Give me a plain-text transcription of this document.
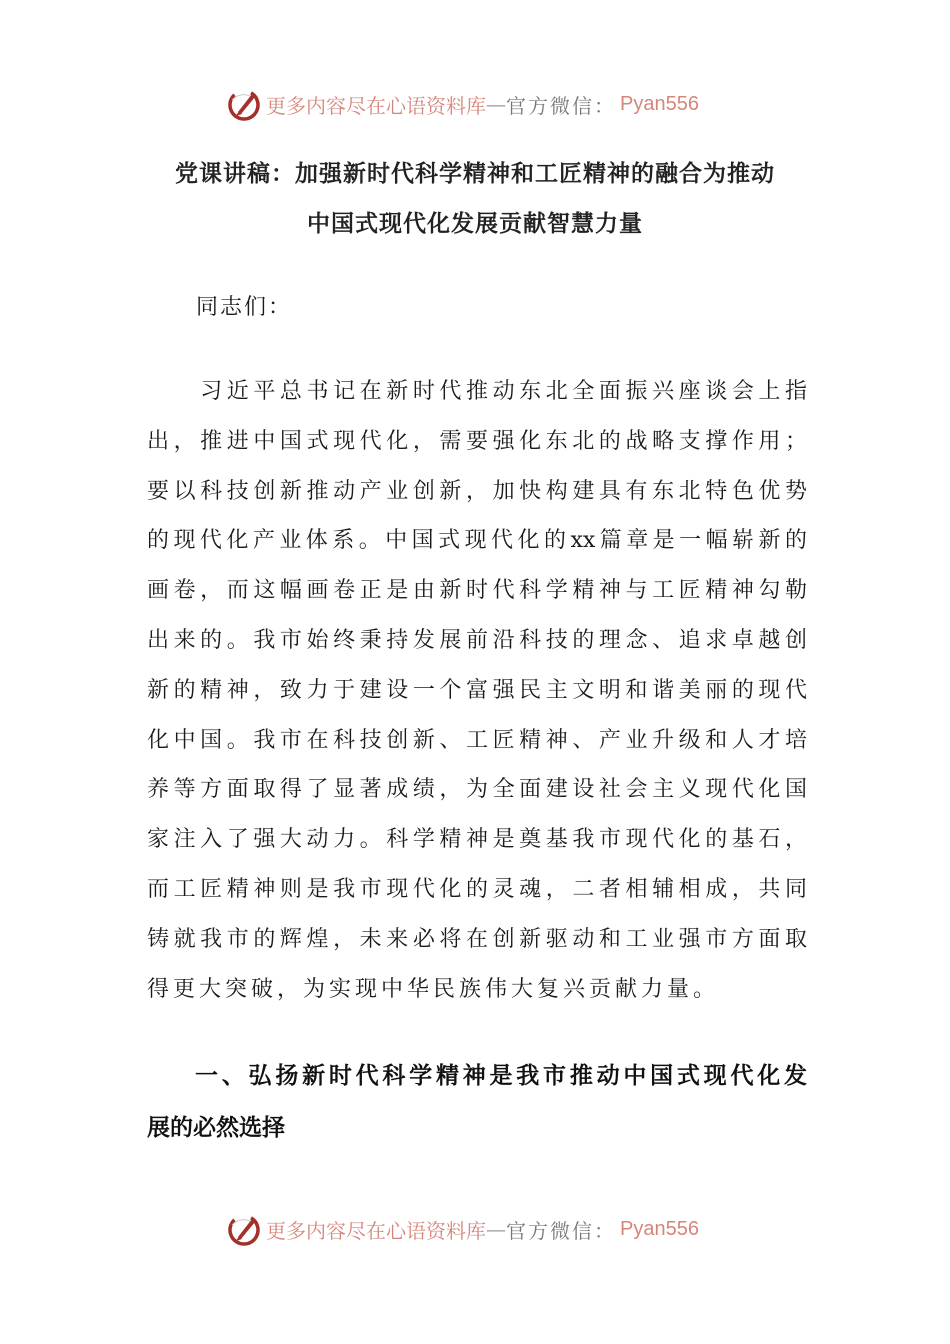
更多内容尽在心语资料库 — 官方微信： Pyan556
党课讲稿：加强新时代科学精神和工匠精神的融合为推动
中国式现代化发展贡献智慧力量
同志们：
　　习近平总书记在新时代推动东北全面振兴座谈会上指
出，推进中国式现代化，需要强化东北的战略支撑作用；
要以科技创新推动产业创新，加快构建具有东北特色优势
的现代化产业体系。中国式现代化的xx篇章是一幅崭新的
画卷，而这幅画卷正是由新时代科学精神与工匠精神勾勒
出来的。我市始终秉持发展前沿科技的理念、追求卓越创
新的精神，致力于建设一个富强民主文明和谐美丽的现代
化中国。我市在科技创新、工匠精神、产业升级和人才培
养等方面取得了显著成绩，为全面建设社会主义现代化国
家注入了强大动力。科学精神是奠基我市现代化的基石，
而工匠精神则是我市现代化的灵魂，二者相辅相成，共同
铸就我市的辉煌，未来必将在创新驱动和工业强市方面取
得更大突破，为实现中华民族伟大复兴贡献力量。
一、弘扬新时代科学精神是我市推动中国式现代化发
展的必然选择
更多内容尽在心语资料库 — 官方微信： Pyan556
